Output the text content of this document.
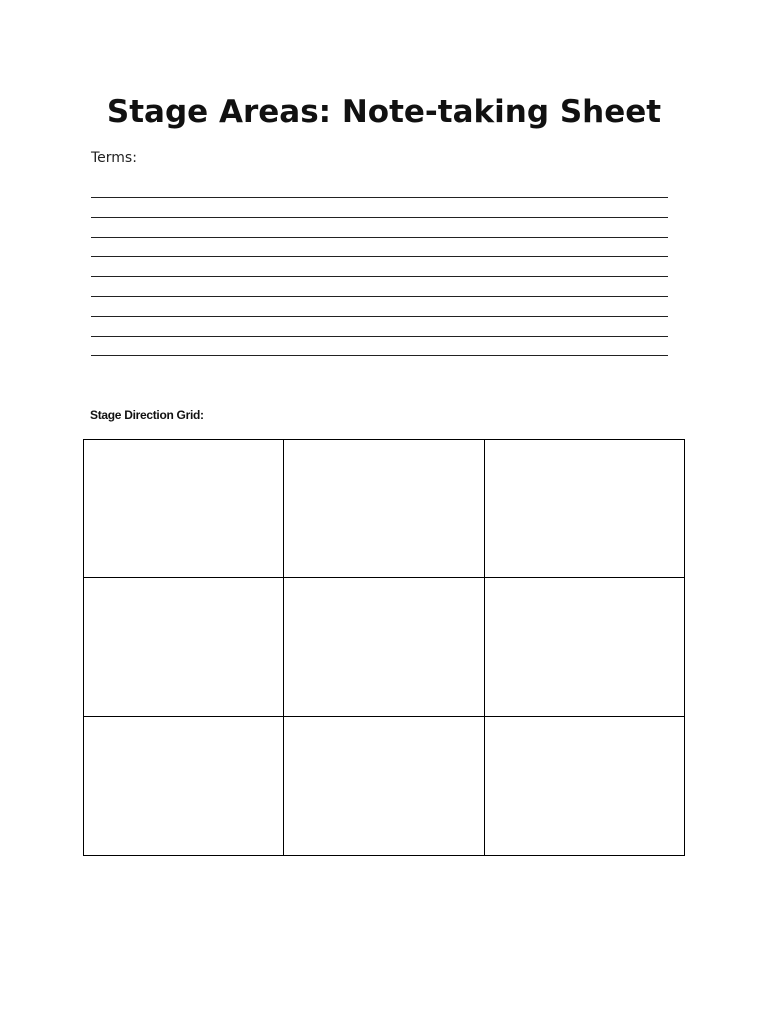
Stage Areas: Note-taking Sheet
Terms:
Stage Direction Grid:
